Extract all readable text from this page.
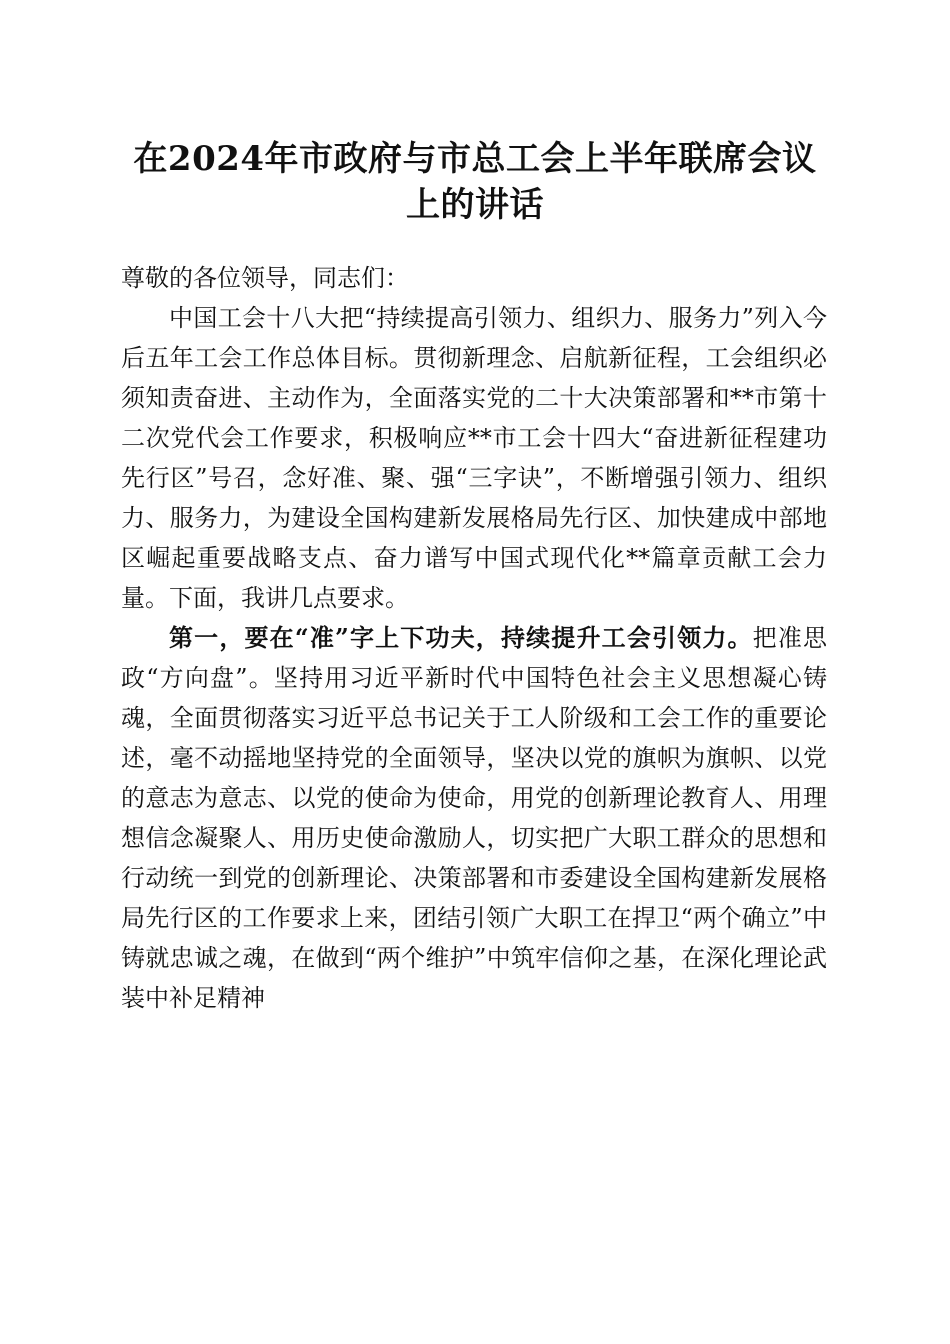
在2024年市政府与市总工会上半年联席会议
上的讲话

尊敬的各位领导，同志们：

中国工会十八大把“持续提高引领力、组织力、服务力”列入今后五年工会工作总体目标。贯彻新理念、启航新征程，工会组织必须知责奋进、主动作为，全面落实党的二十大决策部署和**市第十二次党代会工作要求，积极响应**市工会十四大“奋进新征程建功先行区”号召，念好准、聚、强“三字诀”，不断增强引领力、组织力、服务力，为建设全国构建新发展格局先行区、加快建成中部地区崛起重要战略支点、奋力谱写中国式现代化**篇章贡献工会力量。下面，我讲几点要求。

第一，要在“准”字上下功夫，持续提升工会引领力。把准思政“方向盘”。坚持用习近平新时代中国特色社会主义思想凝心铸魂，全面贯彻落实习近平总书记关于工人阶级和工会工作的重要论述，毫不动摇地坚持党的全面领导，坚决以党的旗帜为旗帜、以党的意志为意志、以党的使命为使命，用党的创新理论教育人、用理想信念凝聚人、用历史使命激励人，切实把广大职工群众的思想和行动统一到党的创新理论、决策部署和市委建设全国构建新发展格局先行区的工作要求上来，团结引领广大职工在捍卫“两个确立”中铸就忠诚之魂，在做到“两个维护”中筑牢信仰之基，在深化理论武装中补足精神
